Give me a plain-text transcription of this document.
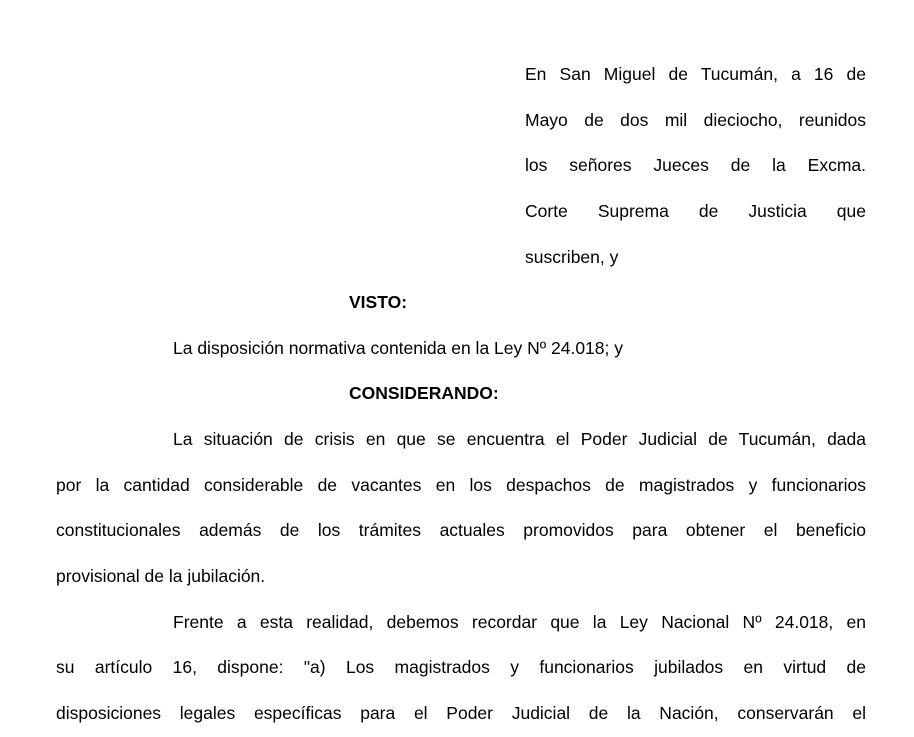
En San Miguel de Tucumán, a 16 de
Mayo de dos mil dieciocho, reunidos
los señores Jueces de la Excma.
Corte Suprema de Justicia que
suscriben, y
VISTO:
La disposición normativa contenida en la Ley Nº 24.018; y
CONSIDERANDO:
La situación de crisis en que se encuentra el Poder Judicial de Tucumán, dada
por la cantidad considerable de vacantes en los despachos de magistrados y funcionarios
constitucionales además de los trámites actuales promovidos para obtener el beneficio
provisional de la jubilación.
Frente a esta realidad, debemos recordar que la Ley Nacional Nº 24.018, en
su artículo 16, dispone: "a) Los magistrados y funcionarios jubilados en virtud de
disposiciones legales específicas para el Poder Judicial de la Nación, conservarán el
